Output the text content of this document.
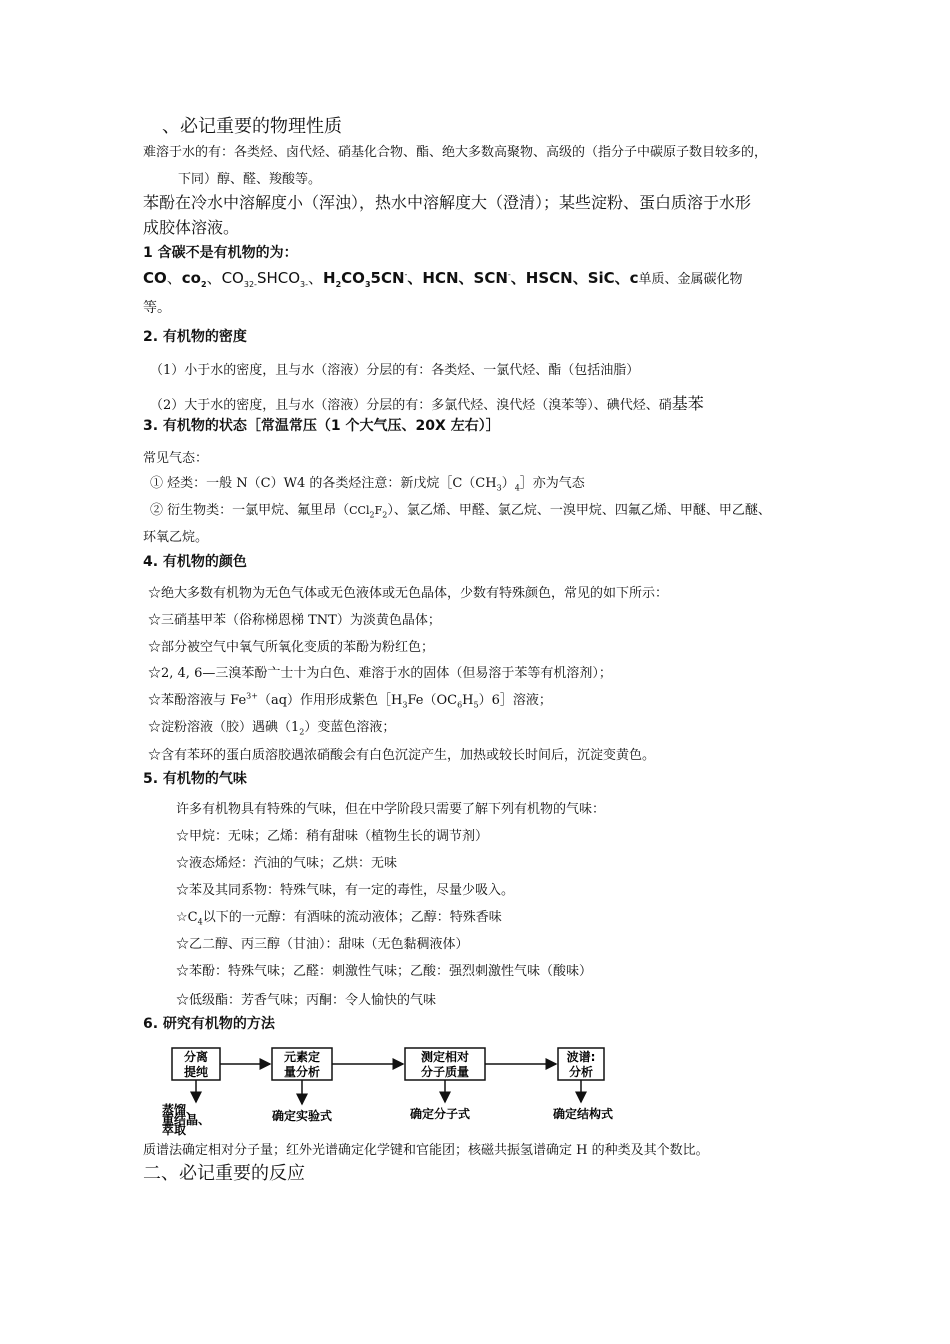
、必记重要的物理性质
难溶于水的有：各类烃、卤代烃、硝基化合物、酯、绝大多数高聚物、高级的（指分子中碳原子数目较多的，
下同）醇、醛、羧酸等。
苯酚在冷水中溶解度小（浑浊），热水中溶解度大（澄清）；某些淀粉、蛋白质溶于水形
成胶体溶液。
1 含碳不是有机物的为：
CO、$co_2$、$CO_{32-}SHCO_{3-}$、$H_2CO_35CN^-$、HCN、SCN-、HSCN、SiC、c单质、金属碳化物
等。
2. 有机物的密度
（1）小于水的密度，且与水（溶液）分层的有：各类烃、一氯代烃、酯（包括油脂）
（2）大于水的密度，且与水（溶液）分层的有：多氯代烃、溴代烃（溴苯等）、碘代烃、硝基苯
3. 有机物的状态［常温常压（1 个大气压、20X 左右）］
常见气态：
① 烃类：一般 N（C）W4 的各类烃注意：新戊烷$[C(CH_3)_4]$亦为气态
② 衍生物类：一氯甲烷、氟里昂$(CCl_2F_2)$、氯乙烯、甲醛、氯乙烷、一溴甲烷、四氟乙烯、甲醚、甲乙醚、
环氧乙烷。
4. 有机物的颜色
☆绝大多数有机物为无色气体或无色液体或无色晶体，少数有特殊颜色，常见的如下所示：
☆三硝基甲苯（俗称梯恩梯 TNT）为淡黄色晶体；
☆部分被空气中氧气所氧化变质的苯酚为粉红色；
☆2, 4, 6—三溴苯酚亠士十为白色、难溶于水的固体（但易溶于苯等有机溶剂）；
☆苯酚溶液与 $Fe^{3+}(aq)$作用形成紫色$[H_3Fe(OC_6H_5)6]$溶液；
☆淀粉溶液（胶）遇碘$(1_2)$变蓝色溶液；
☆含有苯环的蛋白质溶胶遇浓硝酸会有白色沉淀产生，加热或较长时间后，沉淀变黄色。
5. 有机物的气味
许多有机物具有特殊的气味，但在中学阶段只需要了解下列有机物的气味：
☆甲烷：无味；乙烯：稍有甜味（植物生长的调节剂）
☆液态烯烃：汽油的气味；乙烘：无味
☆苯及其同系物：特殊气味，有一定的毒性，尽量少吸入。
$☆C_4$以下的一元醇：有酒味的流动液体；乙醇：特殊香味
☆乙二醇、丙三醇（甘油）：甜味（无色黏稠液体）
☆苯酚：特殊气味；乙醛：刺激性气味；乙酸：强烈刺激性气味（酸味）
☆低级酯：芳香气味；丙酮：令人愉快的气味
6. 研究有机物的方法
分离
提纯
元素定
量分析
测定相对
分子质量
波谱:
分析
蒸馏、
重结晶、
萃取
确定实验式	确定分子式	确定结构式
质谱法确定相对分子量；红外光谱确定化学键和官能团；核磁共振氢谱确定 H 的种类及其个数比。
二、必记重要的反应
